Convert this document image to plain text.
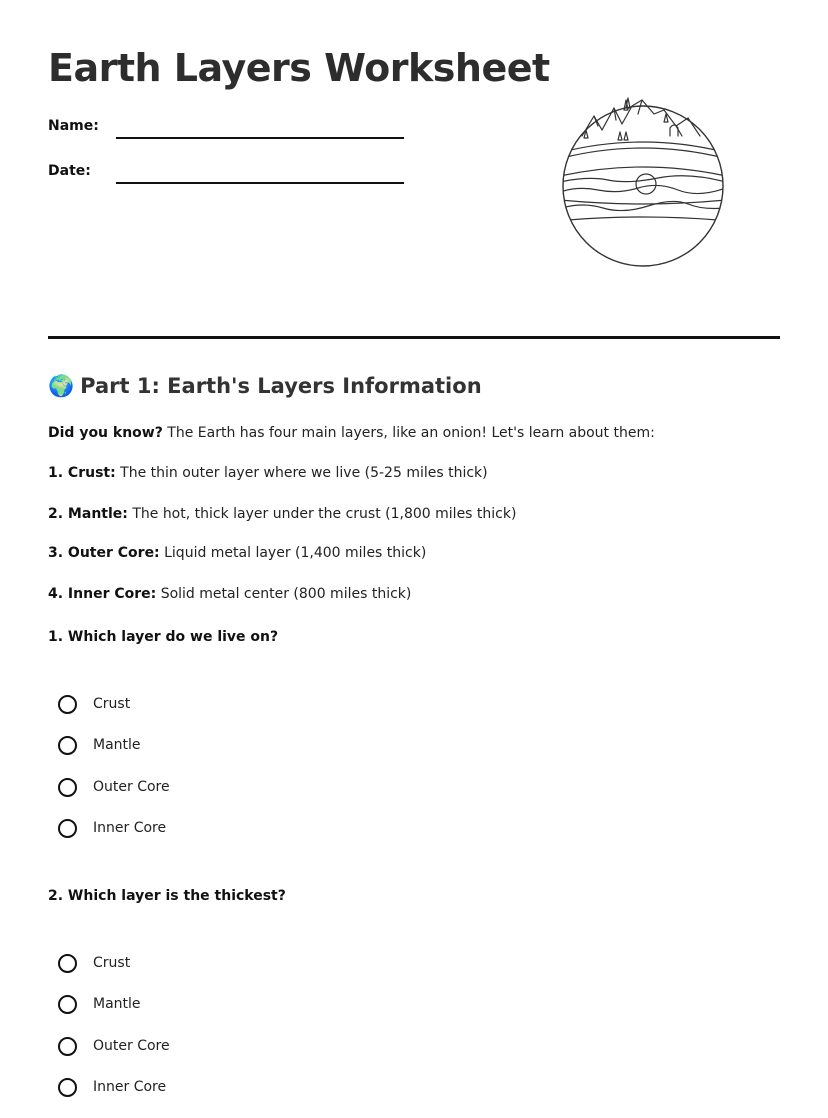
Earth Layers Worksheet
Name:
Date:
🌍 Part 1: Earth's Layers Information
Did you know? The Earth has four main layers, like an onion! Let's learn about them:
1. Crust: The thin outer layer where we live (5-25 miles thick)
2. Mantle: The hot, thick layer under the crust (1,800 miles thick)
3. Outer Core: Liquid metal layer (1,400 miles thick)
4. Inner Core: Solid metal center (800 miles thick)
1. Which layer do we live on?
Crust
Mantle
Outer Core
Inner Core
2. Which layer is the thickest?
Crust
Mantle
Outer Core
Inner Core
